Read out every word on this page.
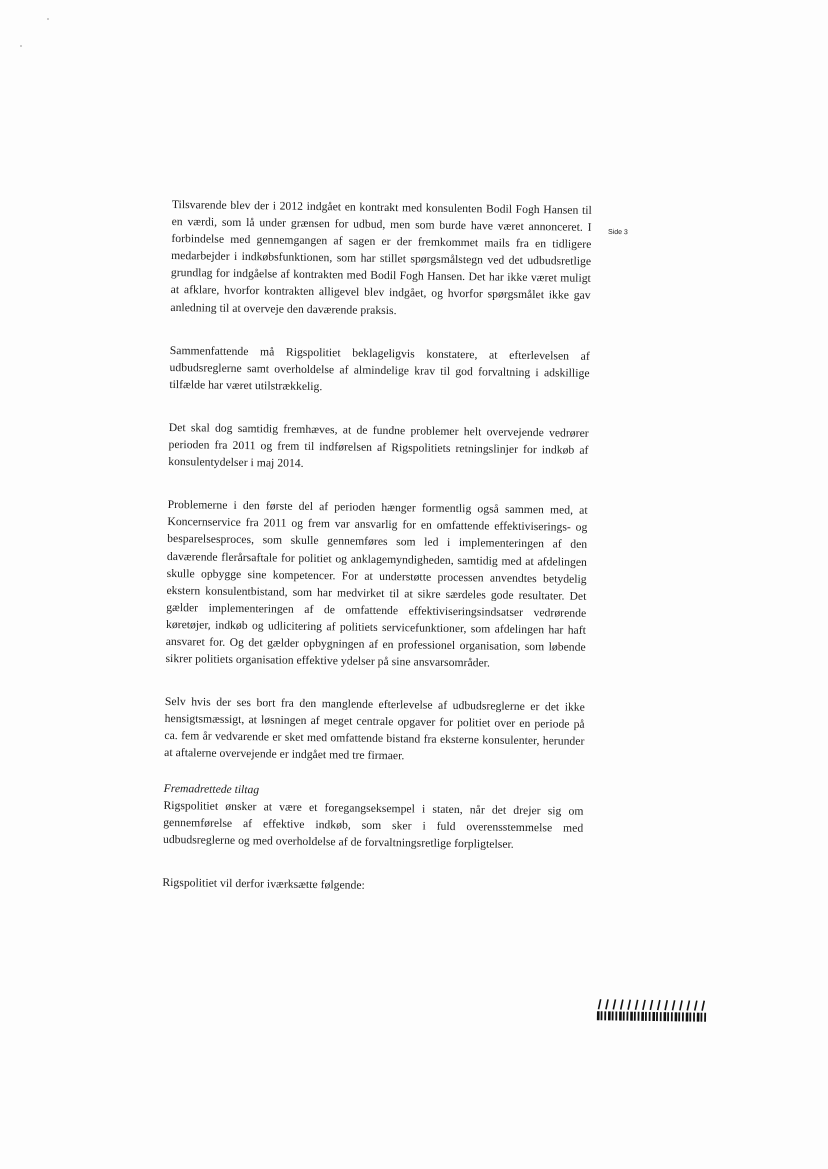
Side 3

Tilsvarende blev der i 2012 indgået en kontrakt med konsulenten Bodil Fogh Hansen til en værdi, som lå under grænsen for udbud, men som burde have været annonceret. I forbindelse med gennemgangen af sagen er der fremkommet mails fra en tidligere medarbejder i indkøbsfunktionen, som har stillet spørgsmålstegn ved det udbudsretlige grundlag for indgåelse af kontrakten med Bodil Fogh Hansen. Det har ikke været muligt at afklare, hvorfor kontrakten alligevel blev indgået, og hvorfor spørgsmålet ikke gav anledning til at overveje den daværende praksis.

Sammenfattende må Rigspolitiet beklageligvis konstatere, at efterlevelsen af udbudsreglerne samt overholdelse af almindelige krav til god forvaltning i adskillige tilfælde har været utilstrækkelig.

Det skal dog samtidig fremhæves, at de fundne problemer helt overvejende vedrører perioden fra 2011 og frem til indførelsen af Rigspolitiets retningslinjer for indkøb af konsulentydelser i maj 2014.

Problemerne i den første del af perioden hænger formentlig også sammen med, at Koncernservice fra 2011 og frem var ansvarlig for en omfattende effektiviserings- og besparelsesproces, som skulle gennemføres som led i implementeringen af den daværende flerårsaftale for politiet og anklagemyndigheden, samtidig med at afdelingen skulle opbygge sine kompetencer. For at understøtte processen anvendtes betydelig ekstern konsulentbistand, som har medvirket til at sikre særdeles gode resultater. Det gælder implementeringen af de omfattende effektiviseringsindsatser vedrørende køretøjer, indkøb og udlicitering af politiets servicefunktioner, som afdelingen har haft ansvaret for. Og det gælder opbygningen af en professionel organisation, som løbende sikrer politiets organisation effektive ydelser på sine ansvarsområder.

Selv hvis der ses bort fra den manglende efterlevelse af udbudsreglerne er det ikke hensigtsmæssigt, at løsningen af meget centrale opgaver for politiet over en periode på ca. fem år vedvarende er sket med omfattende bistand fra eksterne konsulenter, herunder at aftalerne overvejende er indgået med tre firmaer.

Fremadrettede tiltag

Rigspolitiet ønsker at være et foregangseksempel i staten, når det drejer sig om gennemførelse af effektive indkøb, som sker i fuld overensstemmelse med udbudsreglerne og med overholdelse af de forvaltningsretlige forpligtelser.

Rigspolitiet vil derfor iværksætte følgende:
